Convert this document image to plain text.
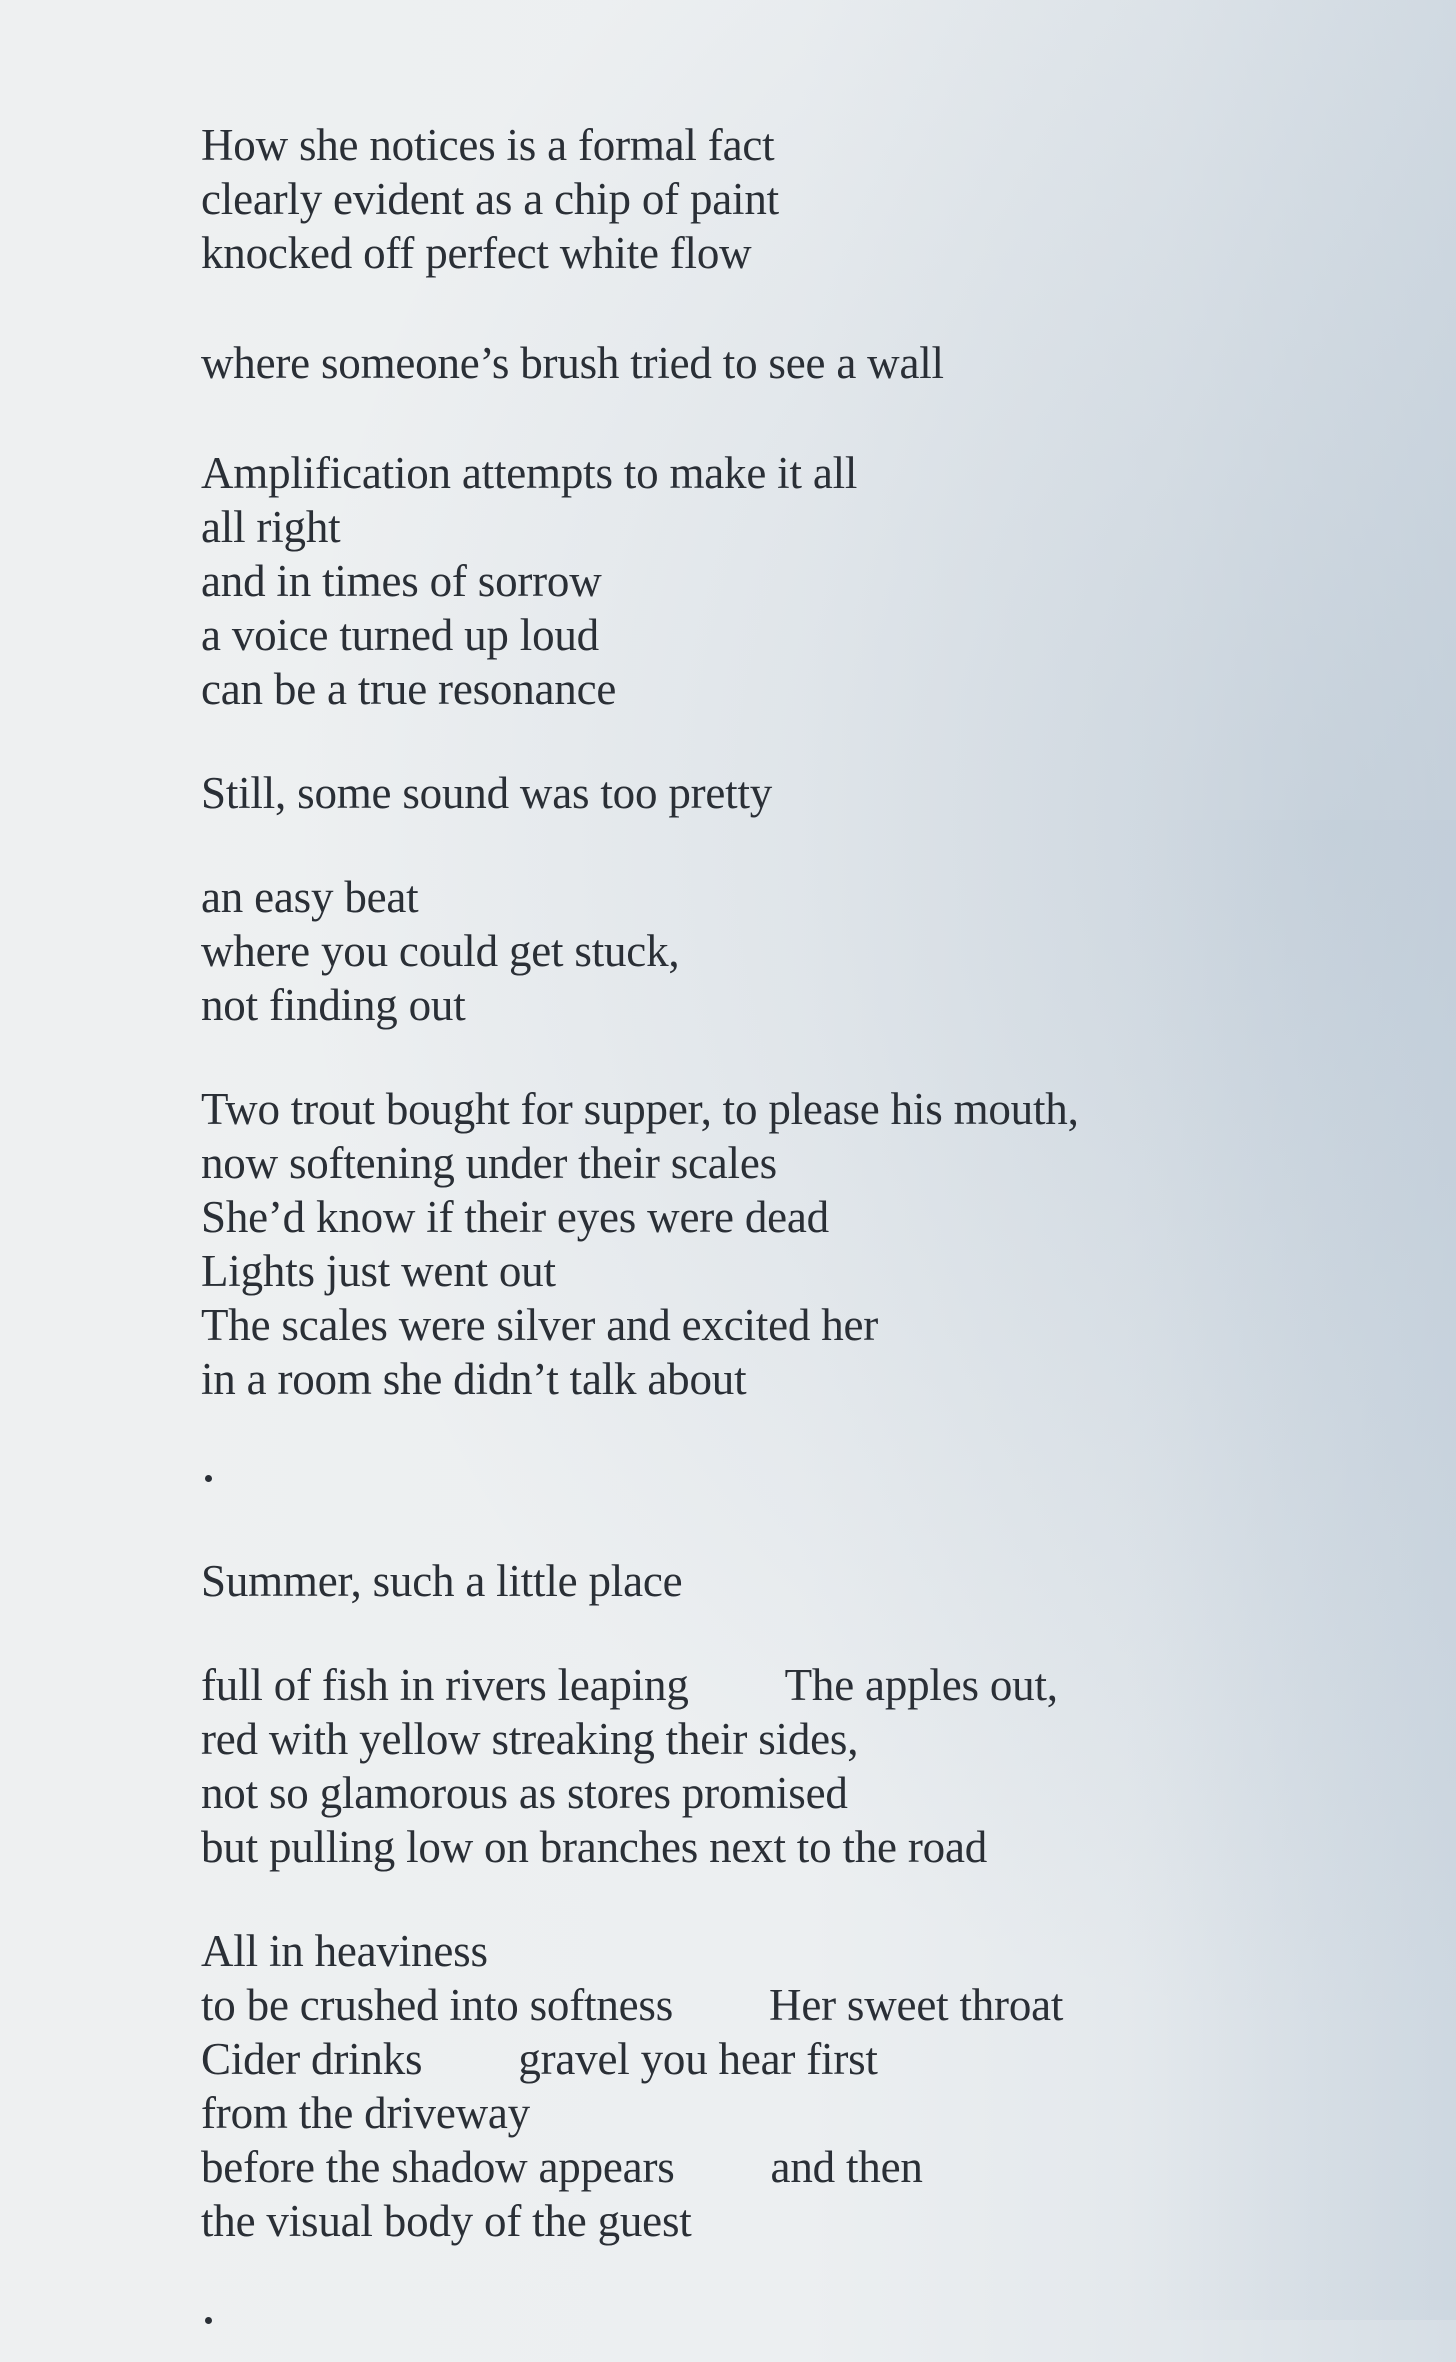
How she notices is a formal fact
clearly evident as a chip of paint
knocked off perfect white flow
where someone’s brush tried to see a wall
Amplification attempts to make it all
all right
and in times of sorrow
a voice turned up loud
can be a true resonance
Still, some sound was too pretty
an easy beat
where you could get stuck,
not finding out
Two trout bought for supper, to please his mouth,
now softening under their scales
She’d know if their eyes were dead
Lights just went out
The scales were silver and excited her
in a room she didn’t talk about
Summer, such a little place
full of fish in rivers leaping The apples out,
red with yellow streaking their sides,
not so glamorous as stores promised
but pulling low on branches next to the road
All in heaviness
to be crushed into softness Her sweet throat
Cider drinks gravel you hear first
from the driveway
before the shadow appears and then
the visual body of the guest
